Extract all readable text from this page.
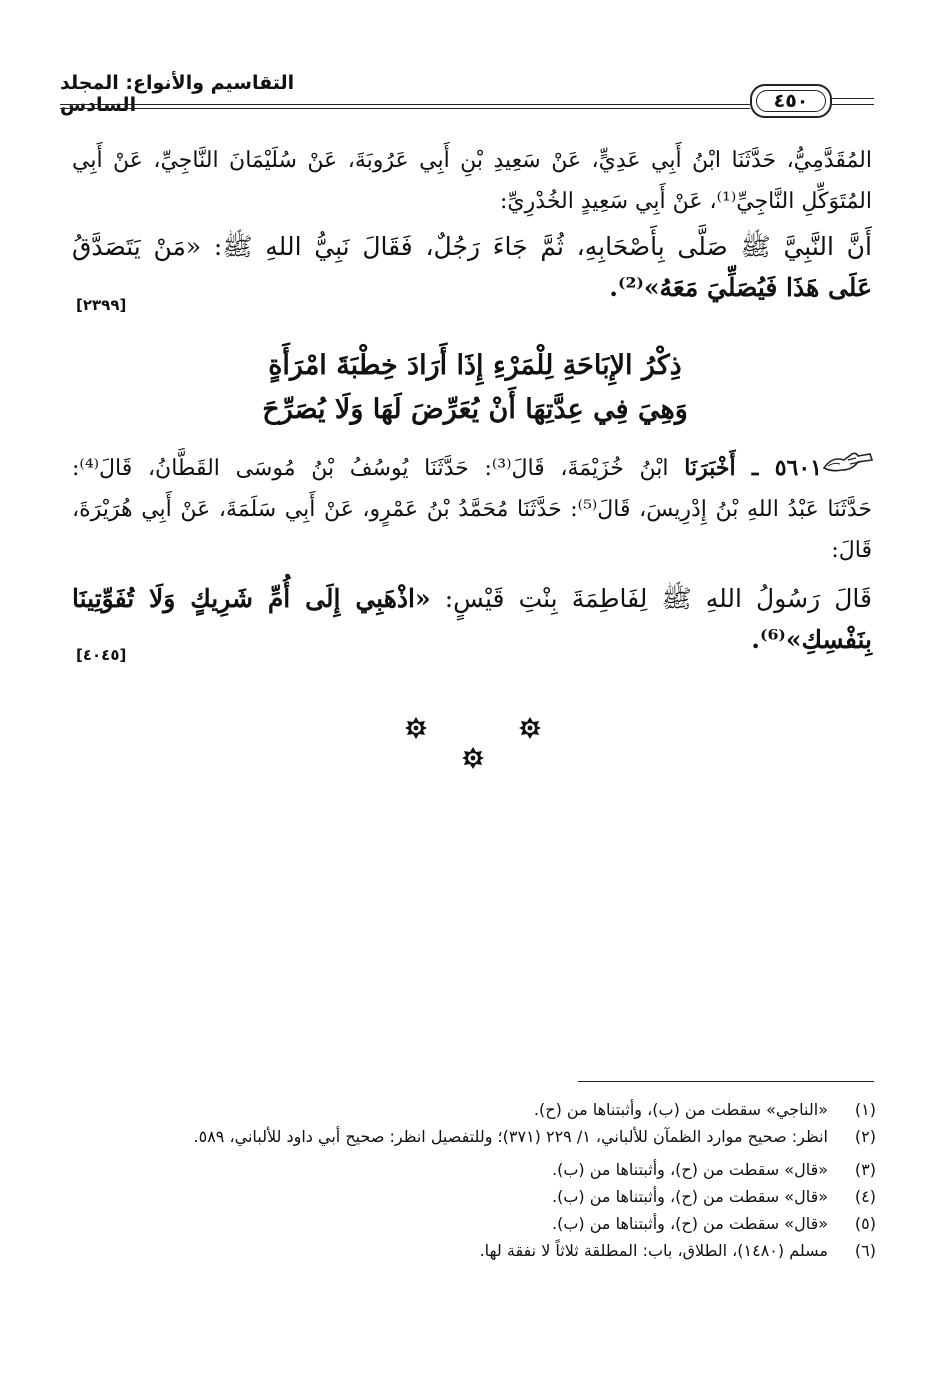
التقاسيم والأنواع: المجلد السادس	٤٥٠

المُقَدَّمِيُّ، حَدَّثَنَا ابْنُ أَبِي عَدِيٍّ، عَنْ سَعِيدِ بْنِ أَبِي عَرُوبَةَ، عَنْ سُلَيْمَانَ النَّاجِيِّ، عَنْ أَبِي

المُتَوَكِّلِ النَّاجِيِّ⁽¹⁾، عَنْ أَبِي سَعِيدٍ الخُدْرِيِّ:

أَنَّ النَّبِيَّ ﷺ صَلَّى بِأَصْحَابِهِ، ثُمَّ جَاءَ رَجُلٌ، فَقَالَ نَبِيُّ اللهِ ﷺ: «مَنْ يَتَصَدَّقُ

عَلَى هَذَا فَيُصَلِّيَ مَعَهُ»⁽²⁾.

[٢٣٩٩]
ذِكْرُ الإِبَاحَةِ لِلْمَرْءِ إِذَا أَرَادَ خِطْبَةَ امْرَأَةٍ
وَهِيَ فِي عِدَّتِهَا أَنْ يُعَرِّضَ لَهَا وَلَا يُصَرِّحَ

٥٦٠١ ـ أَخْبَرَنَا ابْنُ خُزَيْمَةَ، قَالَ⁽³⁾: حَدَّثَنَا يُوسُفُ بْنُ مُوسَى القَطَّانُ، قَالَ⁽⁴⁾:

حَدَّثَنَا عَبْدُ اللهِ بْنُ إِدْرِيسَ، قَالَ⁽⁵⁾: حَدَّثَنَا مُحَمَّدُ بْنُ عَمْرٍو، عَنْ أَبِي سَلَمَةَ، عَنْ أَبِي هُرَيْرَةَ،

قَالَ:

قَالَ رَسُولُ اللهِ ﷺ لِفَاطِمَةَ بِنْتِ قَيْسٍ: «اذْهَبِي إِلَى أُمِّ شَرِيكٍ وَلَا تُفَوِّتِينَا

بِنَفْسِكِ»⁽⁶⁾.

[٤٠٤٥]
(١)
«الناجي» سقطت من (ب)، وأثبتناها من (ح).
(٢)
انظر: صحيح موارد الظمآن للألباني، ١/ ٢٢٩ (٣٧١)؛ وللتفصيل انظر: صحيح أبي داود للألباني، ٥٨٩.
(٣)
«قال» سقطت من (ح)، وأثبتناها من (ب).
(٤)
«قال» سقطت من (ح)، وأثبتناها من (ب).
(٥)
«قال» سقطت من (ح)، وأثبتناها من (ب).
(٦)
مسلم (١٤٨٠)، الطلاق، باب: المطلقة ثلاثاً لا نفقة لها.
